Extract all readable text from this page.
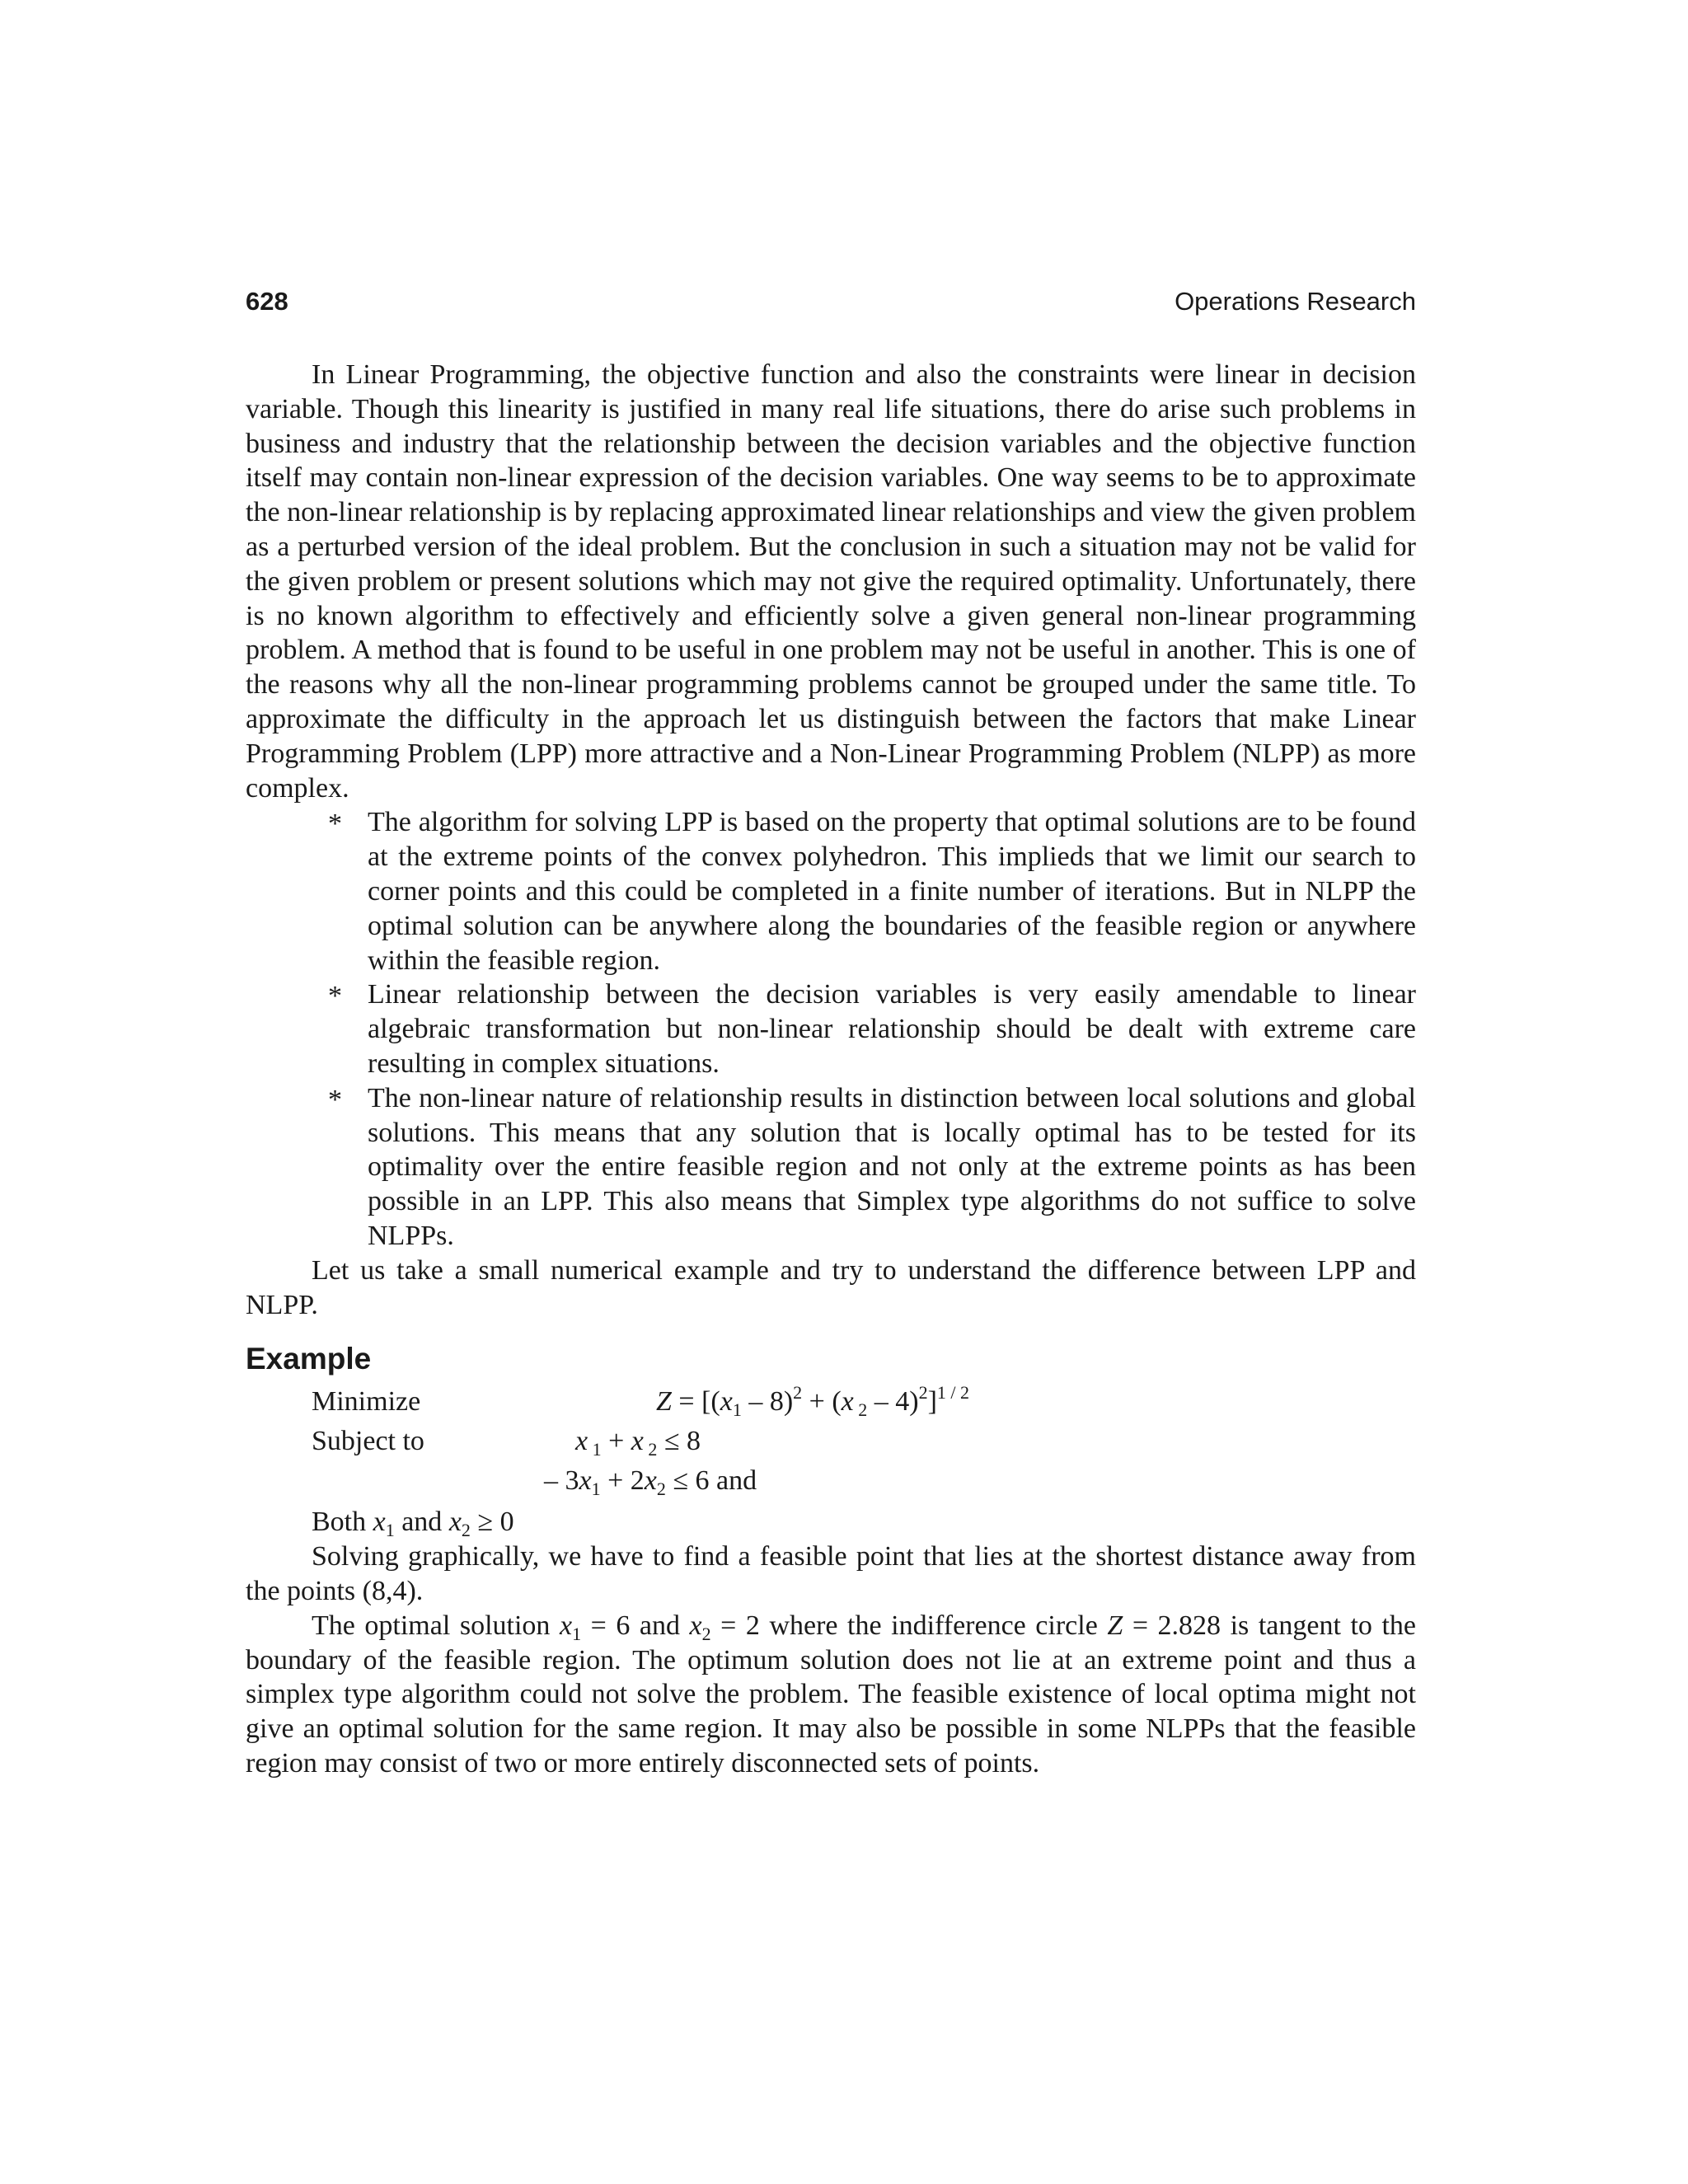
628	Operations Research

In Linear Programming, the objective function and also the constraints were linear in decision variable. Though this linearity is justified in many real life situations, there do arise such problems in business and industry that the relationship between the decision variables and the objective function itself may contain non-linear expression of the decision variables. One way seems to be to approximate the non-linear relationship is by replacing approximated linear relationships and view the given problem as a perturbed version of the ideal problem. But the conclusion in such a situation may not be valid for the given problem or present solutions which may not give the required optimality. Unfortunately, there is no known algorithm to effectively and efficiently solve a given general non-linear programming problem. A method that is found to be useful in one problem may not be useful in another. This is one of the reasons why all the non-linear programming problems cannot be grouped under the same title. To approximate the difficulty in the approach let us distinguish between the factors that make Linear Programming Problem (LPP) more attractive and a Non-Linear Programming Problem (NLPP) as more complex.

* The algorithm for solving LPP is based on the property that optimal solutions are to be found at the extreme points of the convex polyhedron. This implieds that we limit our search to corner points and this could be completed in a finite number of iterations. But in NLPP the optimal solution can be anywhere along the boundaries of the feasible region or anywhere within the feasible region.
* Linear relationship between the decision variables is very easily amendable to linear algebraic transformation but non-linear relationship should be dealt with extreme care resulting in complex situations.
* The non-linear nature of relationship results in distinction between local solutions and global solutions. This means that any solution that is locally optimal has to be tested for its optimality over the entire feasible region and not only at the extreme points as has been possible in an LPP. This also means that Simplex type algorithms do not suffice to solve NLPPs.

Let us take a small numerical example and try to understand the difference between LPP and NLPP.

Example
Minimize	$Z = [(x_1 - 8)^2 + (x$ $_2$ – 4)$^2$]$^{1 / 2}$
Subject to	x $_1$ + x $_2$ ≤ 8
– $3x_1 + 2x_2 \le 6$ and

Both $x_1$ and $x_2 \ge 0$

Solving graphically, we have to find a feasible point that lies at the shortest distance away from the points (8,4).

The optimal solution $x_1 = 6$ and $x_2 = 2$ where the indifference circle Z = 2.828 is tangent to the boundary of the feasible region. The optimum solution does not lie at an extreme point and thus a simplex type algorithm could not solve the problem. The feasible existence of local optima might not give an optimal solution for the same region. It may also be possible in some NLPPs that the feasible region may consist of two or more entirely disconnected sets of points.
